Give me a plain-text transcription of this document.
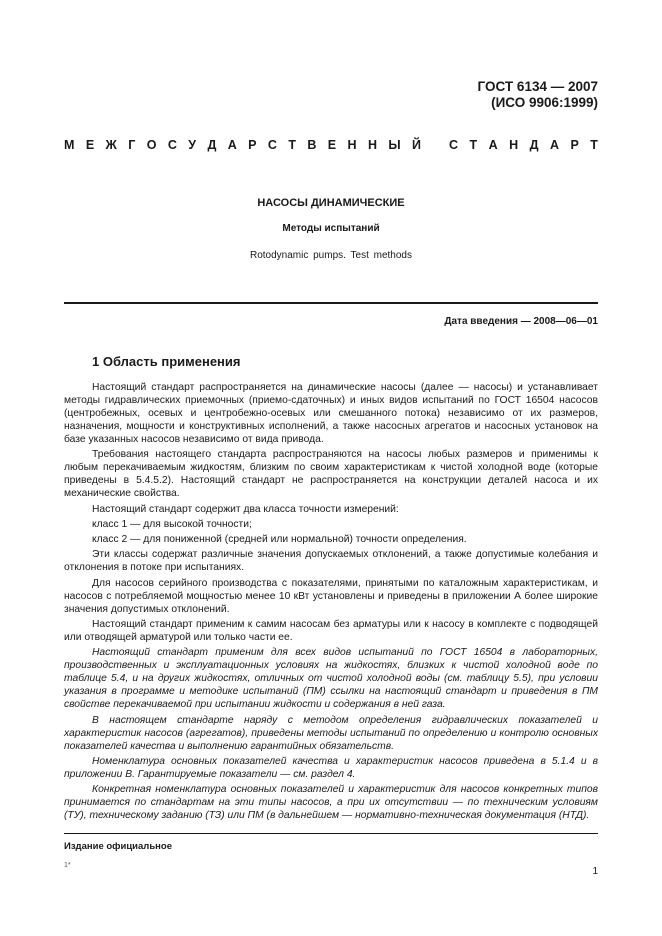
ГОСТ 6134 — 2007
(ИСО 9906:1999)
М Е Ж Г О С У Д А Р С Т В Е Н Н Ы Й С Т А Н Д А Р Т
НАСОСЫ ДИНАМИЧЕСКИЕ
Методы испытаний
Rotodynamic pumps. Test methods
Дата введения — 2008—06—01
1 Область применения

Настоящий стандарт распространяется на динамические насосы (далее — насосы) и устанавливает методы гидравлических приемочных (приемо-сдаточных) и иных видов испытаний по ГОСТ 16504 насосов (центробежных, осевых и центробежно-осевых или смешанного потока) независимо от их размеров, назначения, мощности и конструктивных исполнений, а также насосных агрегатов и насосных установок на базе указанных насосов независимо от вида привода.

Требования настоящего стандарта распространяются на насосы любых размеров и применимы к любым перекачиваемым жидкостям, близким по своим характеристикам к чистой холодной воде (которые приведены в 5.4.5.2). Настоящий стандарт не распространяется на конструкции деталей насоса и их механические свойства.

Настоящий стандарт содержит два класса точности измерений:

класс 1 — для высокой точности;

класс 2 — для пониженной (средней или нормальной) точности определения.

Эти классы содержат различные значения допускаемых отклонений, а также допустимые колебания и отклонения в потоке при испытаниях.

Для насосов серийного производства с показателями, принятыми по каталожным характеристикам, и насосов с потребляемой мощностью менее 10 кВт установлены и приведены в приложении А более широкие значения допустимых отклонений.

Настоящий стандарт применим к самим насосам без арматуры или к насосу в комплекте с подводящей или отводящей арматурой или только части ее.

Настоящий стандарт применим для всех видов испытаний по ГОСТ 16504 в лабораторных, производственных и эксплуатационных условиях на жидкостях, близких к чистой холодной воде по таблице 5.4, и на других жидкостях, отличных от чистой холодной воды (см. таблицу 5.5), при условии указания в программе и методике испытаний (ПМ) ссылки на настоящий стандарт и приведения в ПМ свойстве перекачиваемой при испытании жидкости и содержания в ней газа.

В настоящем стандарте наряду с методом определения гидравлических показателей и характеристик насосов (агрегатов), приведены методы испытаний по определению и контролю основных показателей качества и выполнению гарантийных обязательств.

Номенклатура основных показателей качества и характеристик насосов приведена в 5.1.4 и в приложении В. Гарантируемые показатели — см. раздел 4.

Конкретная номенклатура основных показателей и характеристик для насосов конкретных типов принимается по стандартам на эти типы насосов, а при их отсутствии — по техническим условиям (ТУ), техническому заданию (ТЗ) или ПМ (в дальнейшем — нормативно-техническая документация (НТД).

Издание официальное
1*
1
